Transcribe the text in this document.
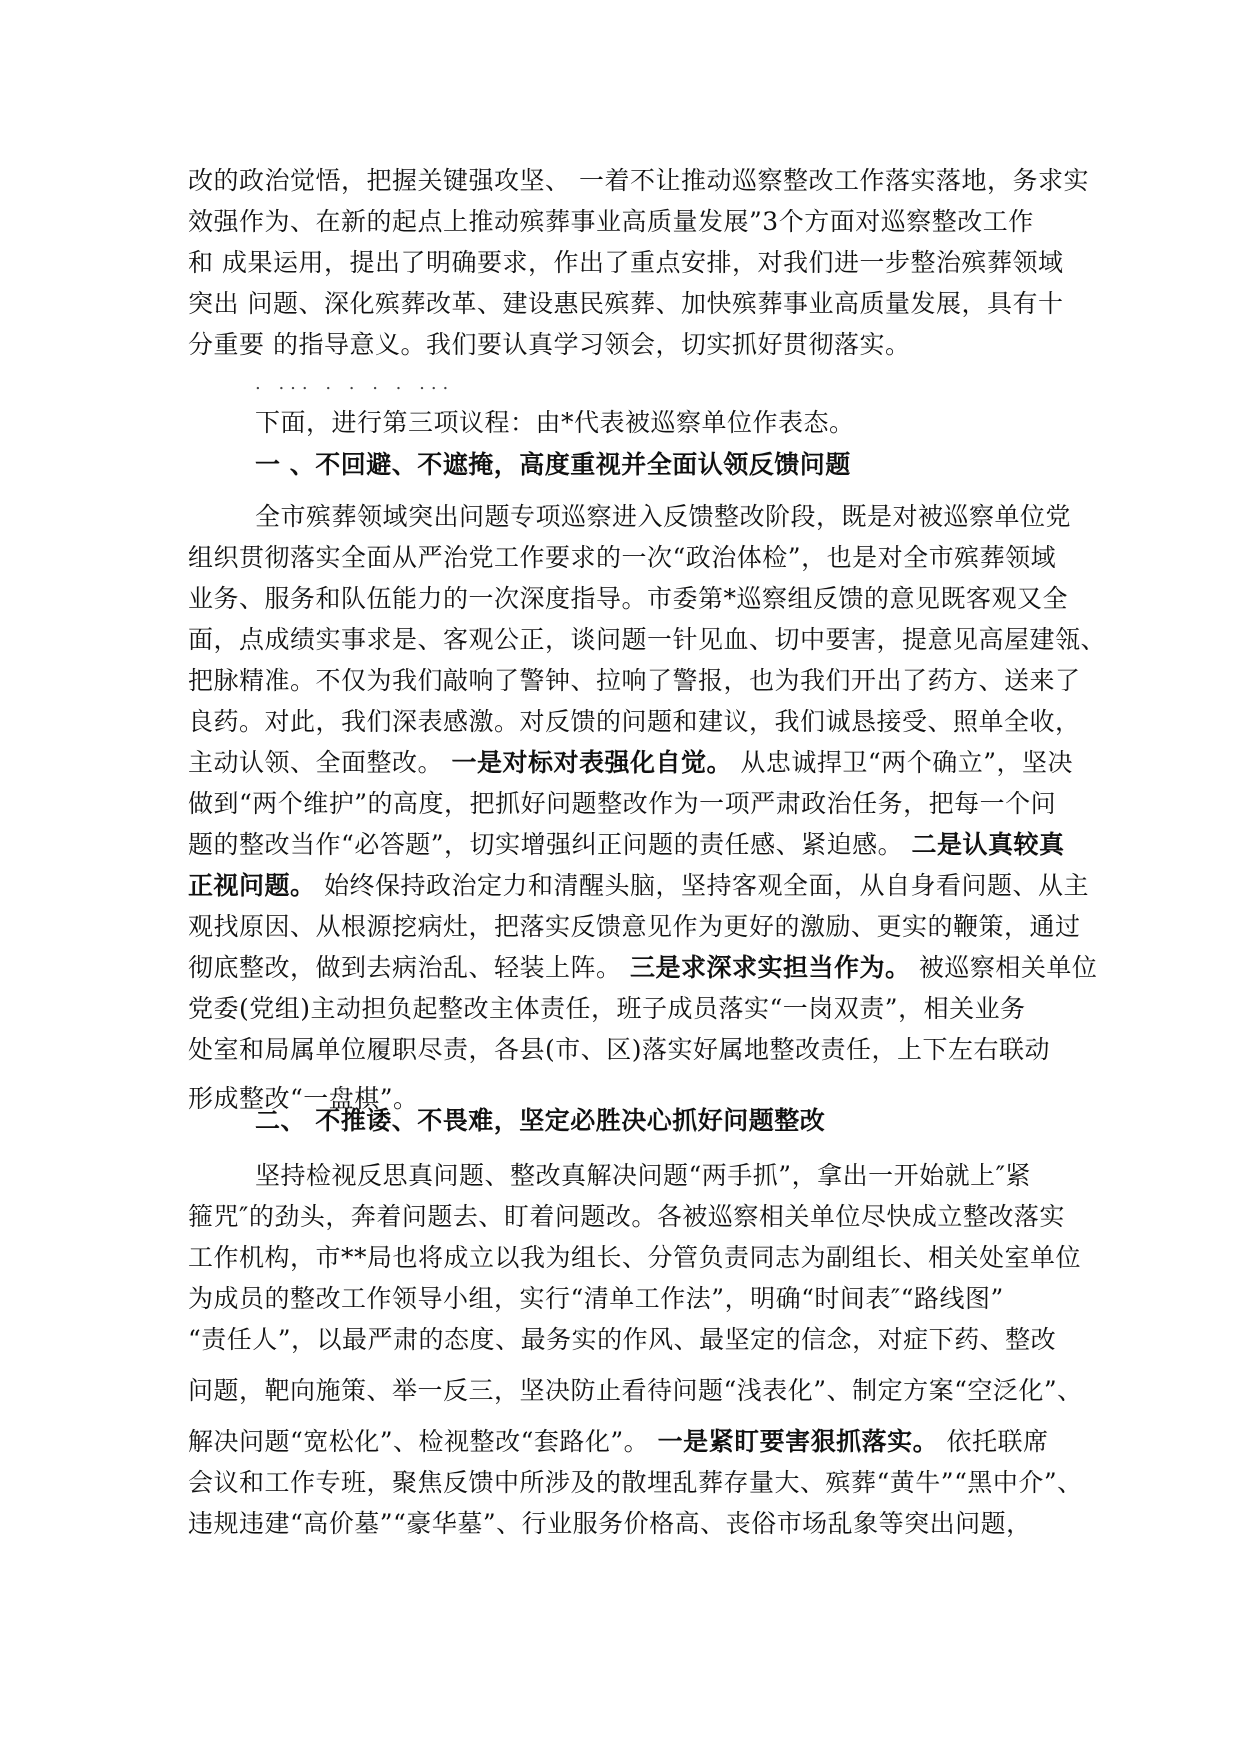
改的政治觉悟，把握关键强攻坚、 一着不让推动巡察整改工作落实落地，务求实
效强作为、在新的起点上推动殡葬事业高质量发展”3个方面对巡察整改工作
和 成果运用，提出了明确要求，作出了重点安排，对我们进一步整治殡葬领域
突出 问题、深化殡葬改革、建设惠民殡葬、加快殡葬事业高质量发展，具有十
分重要 的指导意义。我们要认真学习领会，切实抓好贯彻落实。
. ... . . . . ...
下面，进行第三项议程：由*代表被巡察单位作表态。
一 、不回避、不遮掩，高度重视并全面认领反馈问题
全市殡葬领域突出问题专项巡察进入反馈整改阶段，既是对被巡察单位党
组织贯彻落实全面从严治党工作要求的一次“政治体检”，也是对全市殡葬领域
业务、服务和队伍能力的一次深度指导。市委第*巡察组反馈的意见既客观又全
面，点成绩实事求是、客观公正，谈问题一针见血、切中要害，提意见高屋建瓴、
把脉精准。不仅为我们敲响了警钟、拉响了警报，也为我们开出了药方、送来了
良药。对此，我们深表感激。对反馈的问题和建议，我们诚恳接受、照单全收，
主动认领、全面整改。 一是对标对表强化自觉。 从忠诚捍卫“两个确立”，坚决
做到“两个维护”的高度，把抓好问题整改作为一项严肃政治任务，把每一个问
题的整改当作“必答题”，切实增强纠正问题的责任感、紧迫感。 二是认真较真
正视问题。 始终保持政治定力和清醒头脑，坚持客观全面，从自身看问题、从主
观找原因、从根源挖病灶，把落实反馈意见作为更好的激励、更实的鞭策，通过
彻底整改，做到去病治乱、轻装上阵。 三是求深求实担当作为。 被巡察相关单位
党委(党组)主动担负起整改主体责任，班子成员落实“一岗双责”，相关业务
处室和局属单位履职尽责，各县(市、区)落实好属地整改责任，上下左右联动
形成整改“一盘棋”。
二、 不推诿、不畏难，坚定必胜决心抓好问题整改
坚持检视反思真问题、整改真解决问题“两手抓”，拿出一开始就上″紧
箍咒″的劲头，奔着问题去、盯着问题改。各被巡察相关单位尽快成立整改落实
工作机构，市**局也将成立以我为组长、分管负责同志为副组长、相关处室单位
为成员的整改工作领导小组，实行“清单工作法”，明确“时间表″“路线图”
“责任人”，以最严肃的态度、最务实的作风、最坚定的信念，对症下药、整改
问题，靶向施策、举一反三，坚决防止看待问题“浅表化”、制定方案“空泛化”、
解决问题“宽松化”、检视整改“套路化”。 一是紧盯要害狠抓落实。 依托联席
会议和工作专班，聚焦反馈中所涉及的散埋乱葬存量大、殡葬“黄牛”“黑中介”、
违规违建“高价墓”“豪华墓”、行业服务价格高、丧俗市场乱象等突出问题，
